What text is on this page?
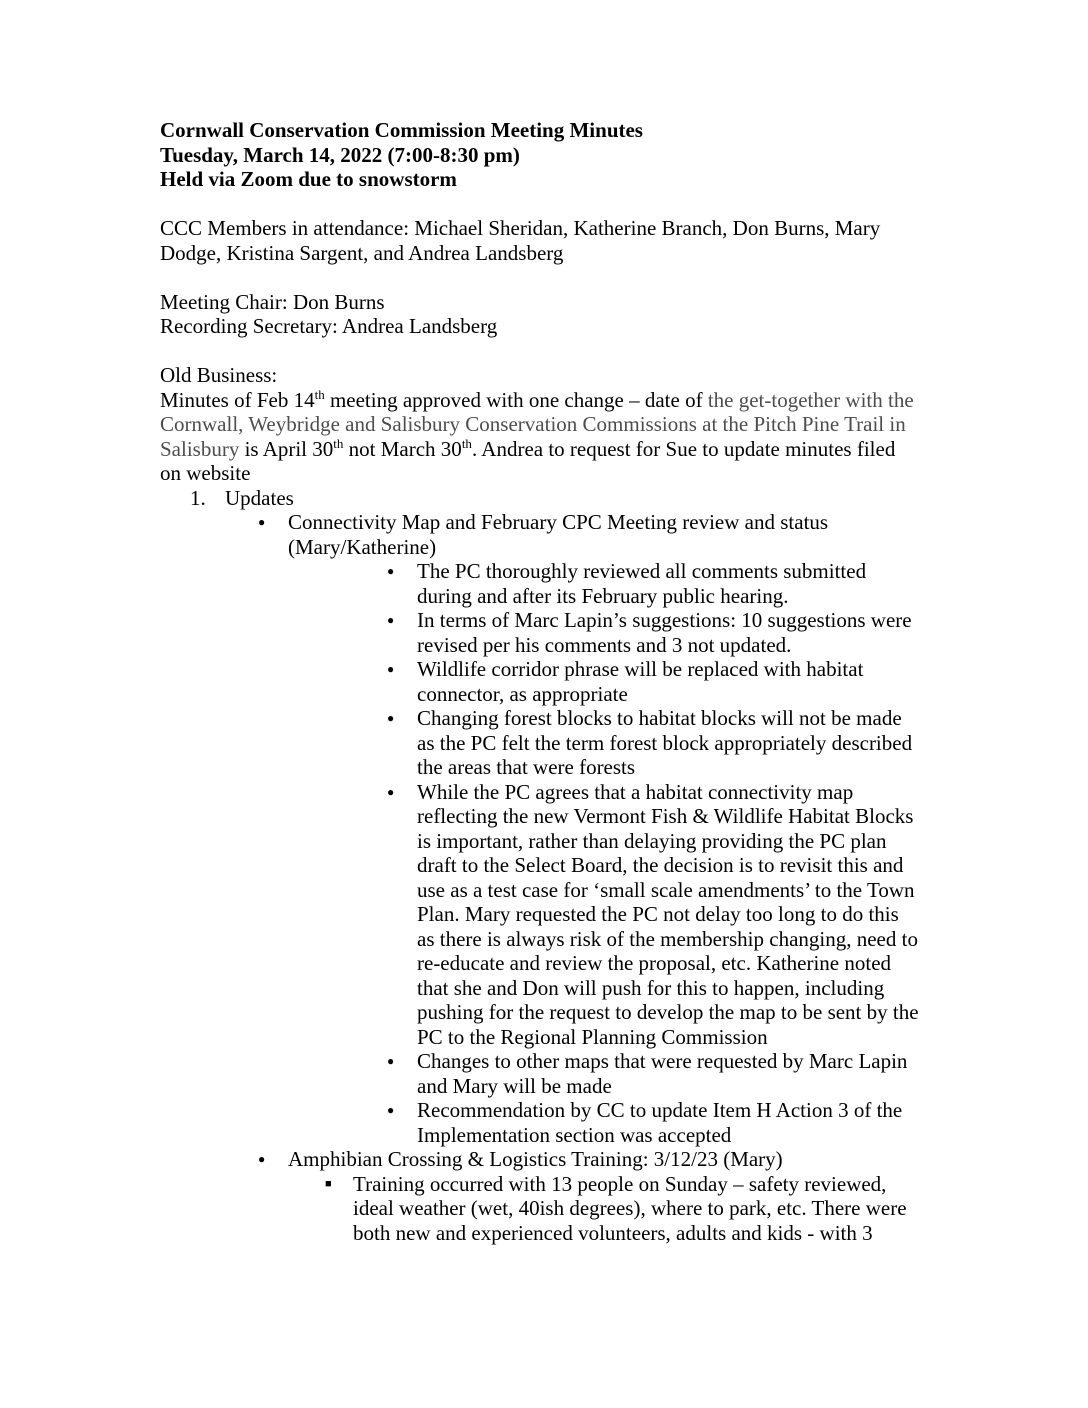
Cornwall Conservation Commission Meeting Minutes

Tuesday, March 14, 2022 (7:00-8:30 pm)

Held via Zoom due to snowstorm

CCC Members in attendance: Michael Sheridan, Katherine Branch, Don Burns, Mary

Dodge, Kristina Sargent, and Andrea Landsberg

Meeting Chair: Don Burns

Recording Secretary: Andrea Landsberg

Old Business:

Minutes of Feb 14th meeting approved with one change – date of the get-together with the

Cornwall, Weybridge and Salisbury Conservation Commissions at the Pitch Pine Trail in

Salisbury is April 30th not March 30th. Andrea to request for Sue to update minutes filed

on website

1. Updates
● Connectivity Map and February CPC Meeting review and status

(Mary/Katherine)

● The PC thoroughly reviewed all comments submitted

during and after its February public hearing.

● In terms of Marc Lapin’s suggestions: 10 suggestions were

revised per his comments and 3 not updated.

● Wildlife corridor phrase will be replaced with habitat

connector, as appropriate

● Changing forest blocks to habitat blocks will not be made

as the PC felt the term forest block appropriately described

the areas that were forests

● While the PC agrees that a habitat connectivity map

reflecting the new Vermont Fish & Wildlife Habitat Blocks

is important, rather than delaying providing the PC plan

draft to the Select Board, the decision is to revisit this and

use as a test case for ‘small scale amendments’ to the Town

Plan. Mary requested the PC not delay too long to do this

as there is always risk of the membership changing, need to

re-educate and review the proposal, etc. Katherine noted

that she and Don will push for this to happen, including

pushing for the request to develop the map to be sent by the

PC to the Regional Planning Commission

● Changes to other maps that were requested by Marc Lapin

and Mary will be made

● Recommendation by CC to update Item H Action 3 of the

Implementation section was accepted

● Amphibian Crossing & Logistics Training: 3/12/23 (Mary)

■ Training occurred with 13 people on Sunday – safety reviewed,

ideal weather (wet, 40ish degrees), where to park, etc. There were

both new and experienced volunteers, adults and kids - with 3
